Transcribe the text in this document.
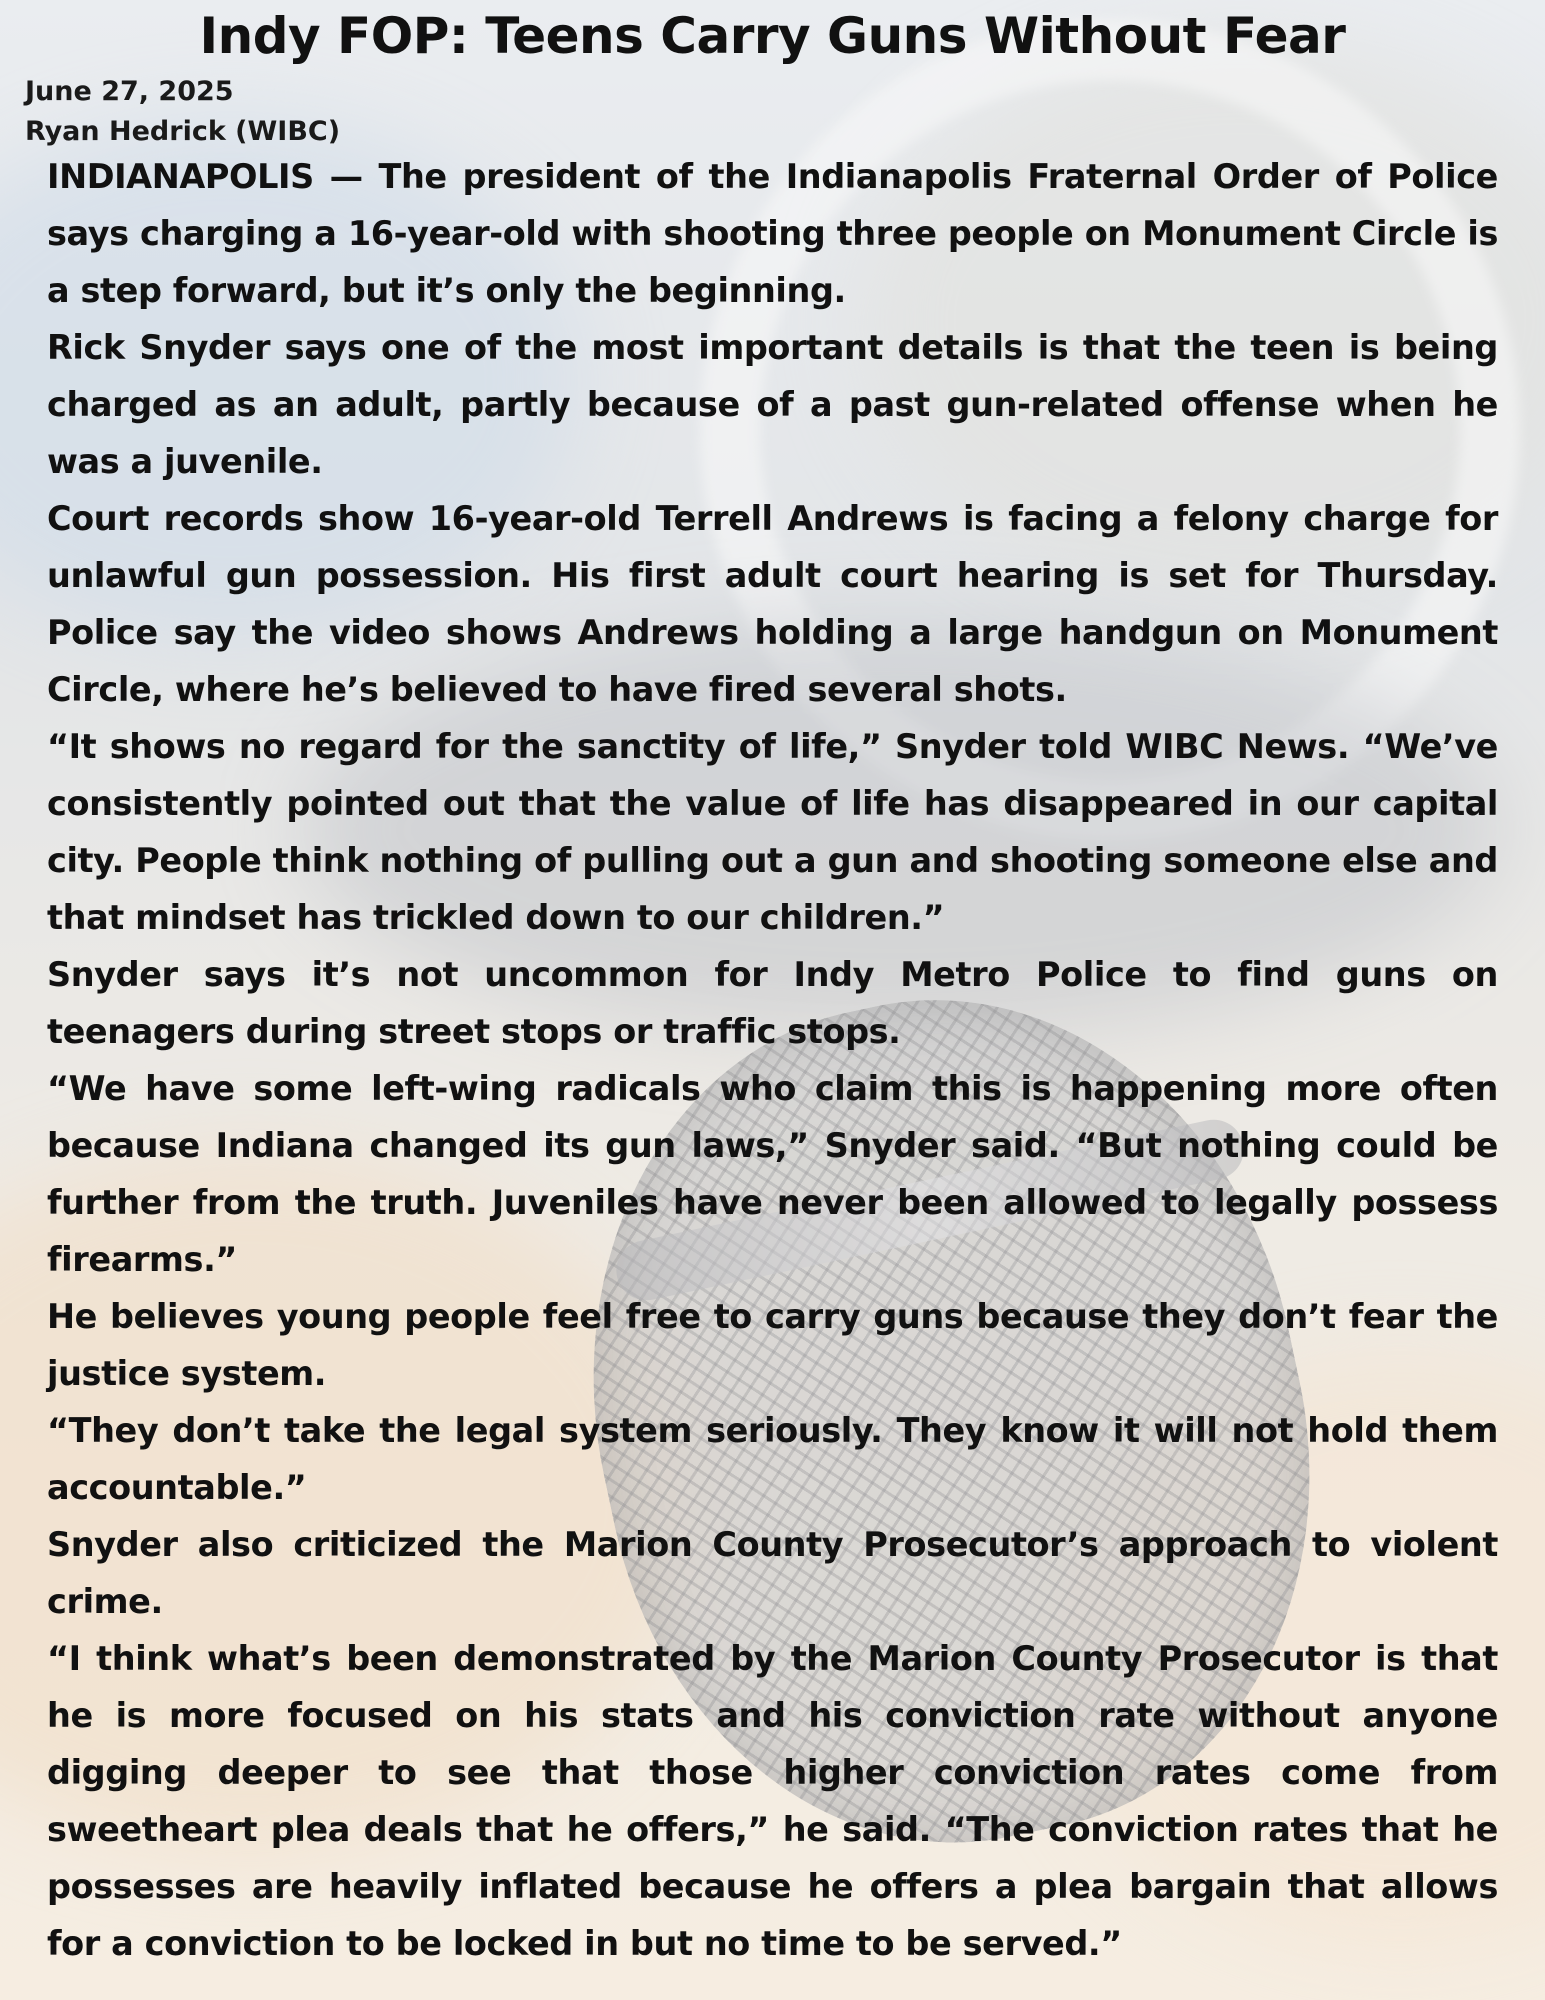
Indy FOP: Teens Carry Guns Without Fear
June 27, 2025
Ryan Hedrick (WIBC)

INDIANAPOLIS — The president of the Indianapolis Fraternal Order of Police says charging a 16-year-old with shooting three people on Monument Circle is a step forward, but it’s only the beginning.

Rick Snyder says one of the most important details is that the teen is being charged as an adult, partly because of a past gun-related offense when he was a juvenile.

Court records show 16-year-old Terrell Andrews is facing a felony charge for unlawful gun possession. His first adult court hearing is set for Thursday. Police say the video shows Andrews holding a large handgun on Monument Circle, where he’s believed to have fired several shots.

“It shows no regard for the sanctity of life,” Snyder told WIBC News. “We’ve consistently pointed out that the value of life has disappeared in our capital city. People think nothing of pulling out a gun and shooting someone else and that mindset has trickled down to our children.”

Snyder says it’s not uncommon for Indy Metro Police to find guns on teenagers during street stops or traffic stops.

“We have some left-wing radicals who claim this is happening more often because Indiana changed its gun laws,” Snyder said. “But nothing could be further from the truth. Juveniles have never been allowed to legally possess firearms.”

He believes young people feel free to carry guns because they don’t fear the justice system.

“They don’t take the legal system seriously. They know it will not hold them accountable.”

Snyder also criticized the Marion County Prosecutor’s approach to violent crime.

“I think what’s been demonstrated by the Marion County Prosecutor is that he is more focused on his stats and his conviction rate without anyone digging deeper to see that those higher conviction rates come from sweetheart plea deals that he offers,” he said. “The conviction rates that he possesses are heavily inflated because he offers a plea bargain that allows for a conviction to be locked in but no time to be served.”
